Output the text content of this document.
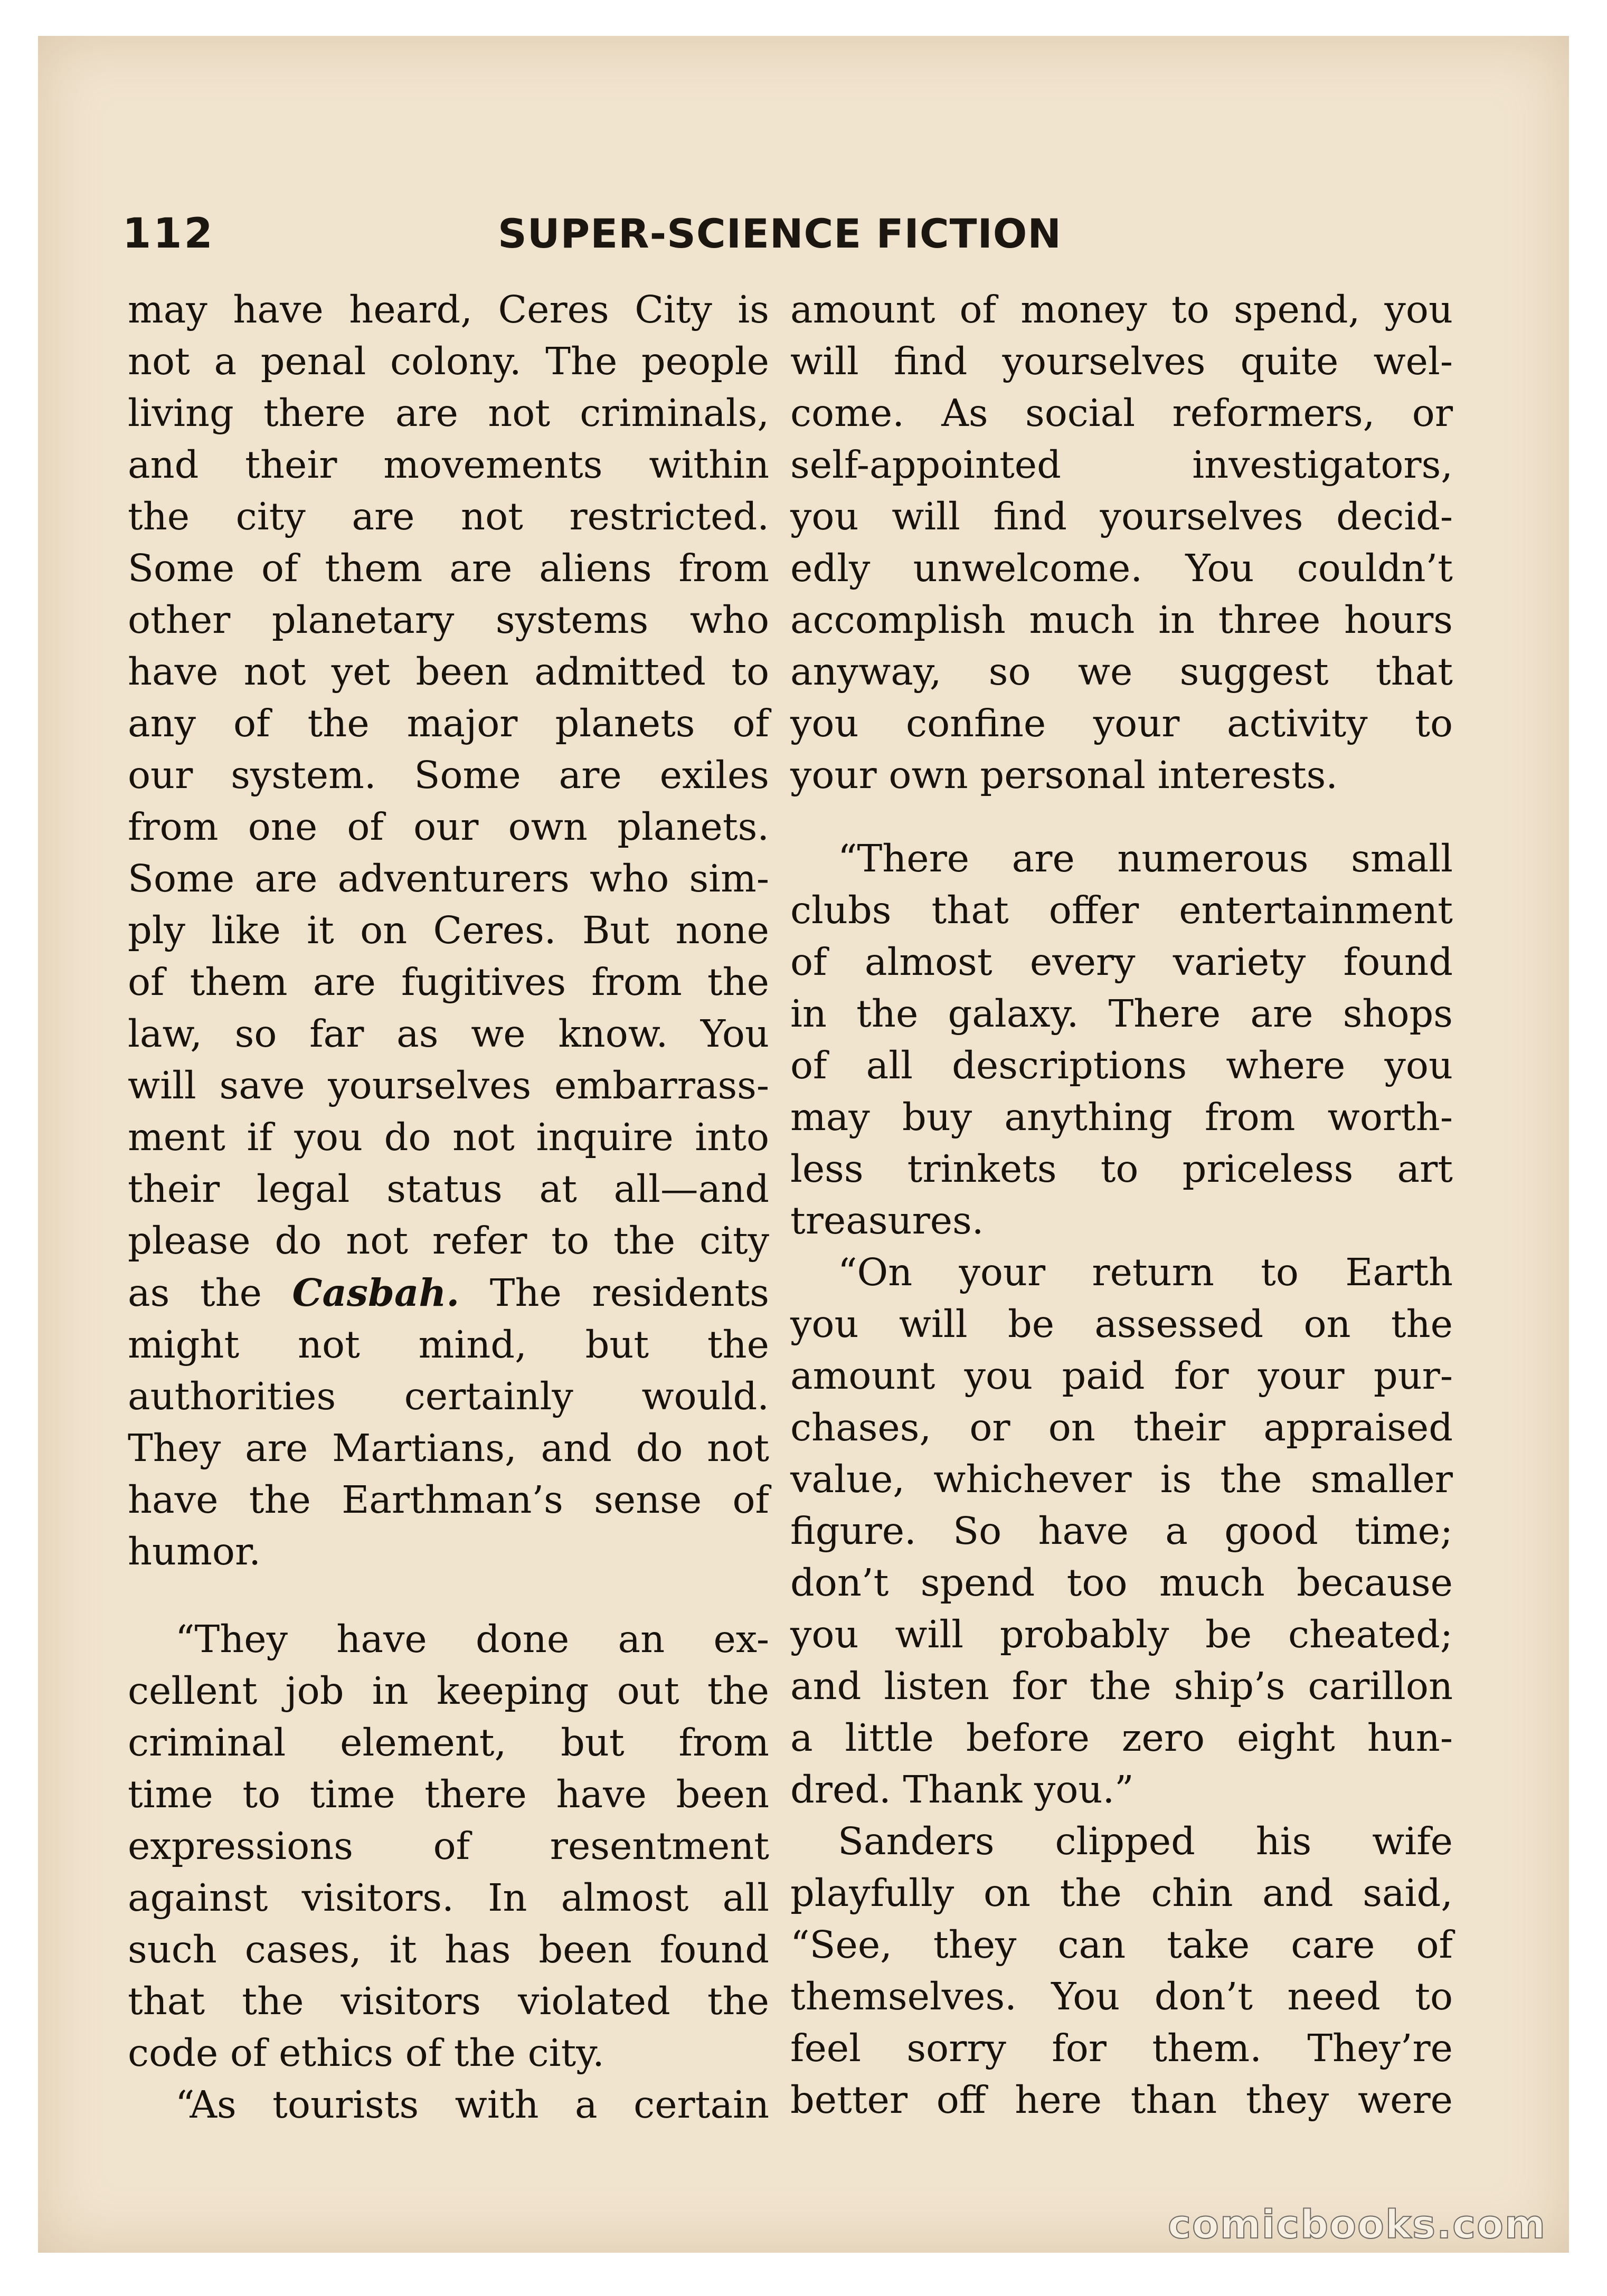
112	SUPER-SCIENCE FICTION

may have heard, Ceres City is

not a penal colony. The people

living there are not criminals,

and their movements within

the city are not restricted.

Some of them are aliens from

other planetary systems who

have not yet been admitted to

any of the major planets of

our system. Some are exiles

from one of our own planets.

Some are adventurers who sim-

ply like it on Ceres. But none

of them are fugitives from the

law, so far as we know. You

will save yourselves embarrass-

ment if you do not inquire into

their legal status at all—and

please do not refer to the city

as the Casbah. The residents

might not mind, but the

authorities certainly would.

They are Martians, and do not

have the Earthman’s sense of

humor.

“They have done an ex-

cellent job in keeping out the

criminal element, but from

time to time there have been

expressions of resentment

against visitors. In almost all

such cases, it has been found

that the visitors violated the

code of ethics of the city.

“As tourists with a certain

amount of money to spend, you

will find yourselves quite wel-

come. As social reformers, or

self-appointed investigators,

you will find yourselves decid-

edly unwelcome. You couldn’t

accomplish much in three hours

anyway, so we suggest that

you confine your activity to

your own personal interests.

“There are numerous small

clubs that offer entertainment

of almost every variety found

in the galaxy. There are shops

of all descriptions where you

may buy anything from worth-

less trinkets to priceless art

treasures.

“On your return to Earth

you will be assessed on the

amount you paid for your pur-

chases, or on their appraised

value, whichever is the smaller

figure. So have a good time;

don’t spend too much because

you will probably be cheated;

and listen for the ship’s carillon

a little before zero eight hun-

dred. Thank you.”

Sanders clipped his wife

playfully on the chin and said,

“See, they can take care of

themselves. You don’t need to

feel sorry for them. They’re

better off here than they were

comicbooks.com
